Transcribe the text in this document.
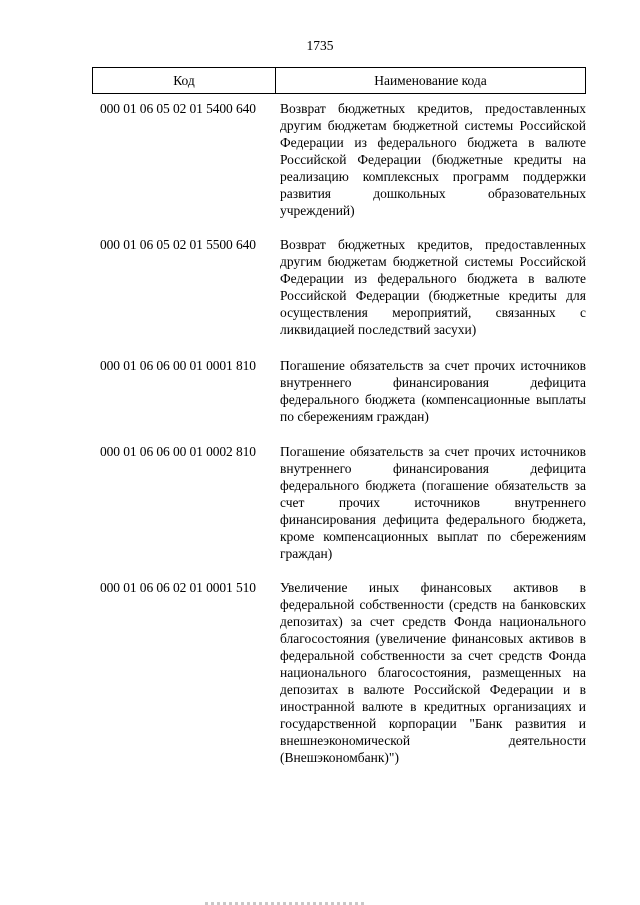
1735
Код	Наименование кода
000 01 06 05 02 01 5400 640	Возврат бюджетных кредитов, предоставленных другим бюджетам бюджетной системы Российской Федерации из федерального бюджета в валюте Российской Федерации (бюджетные кредиты на реализацию комплексных программ поддержки развития дошкольных образовательных учреждений)
000 01 06 05 02 01 5500 640	Возврат бюджетных кредитов, предоставленных другим бюджетам бюджетной системы Российской Федерации из федерального бюджета в валюте Российской Федерации (бюджетные кредиты для осуществления мероприятий, связанных с ликвидацией последствий засухи)
000 01 06 06 00 01 0001 810	Погашение обязательств за счет прочих источников внутреннего финансирования дефицита федерального бюджета (компенсационные выплаты по сбережениям граждан)
000 01 06 06 00 01 0002 810	Погашение обязательств за счет прочих источников внутреннего финансирования дефицита федерального бюджета (погашение обязательств за счет прочих источников внутреннего финансирования дефицита федерального бюджета, кроме компенсационных выплат по сбережениям граждан)
000 01 06 06 02 01 0001 510	Увеличение иных финансовых активов в федеральной собственности (средств на банковских депозитах) за счет средств Фонда национального благосостояния (увеличение финансовых активов в федеральной собственности за счет средств Фонда национального благосостояния, размещенных на депозитах в валюте Российской Федерации и в иностранной валюте в кредитных организациях и государственной корпорации "Банк развития и внешнеэкономической деятельности (Внешэкономбанк)")
